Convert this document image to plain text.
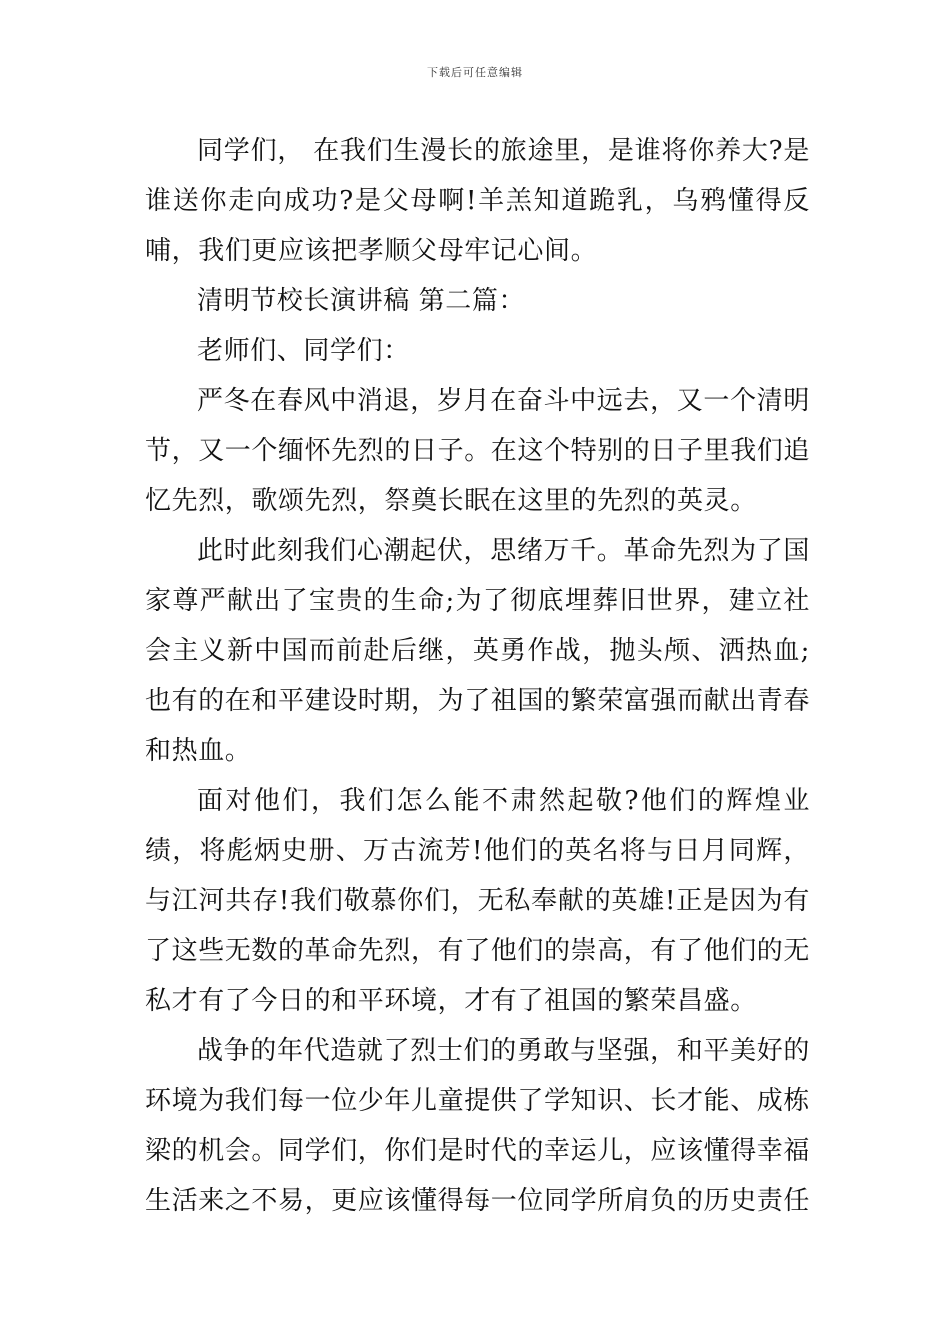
下载后可任意编辑

同学们， 在我们生漫长的旅途里，是谁将你养大?是谁送你走向成功?是父母啊!羊羔知道跪乳，乌鸦懂得反哺，我们更应该把孝顺父母牢记心间。

清明节校长演讲稿 第二篇：

老师们、同学们：

严冬在春风中消退，岁月在奋斗中远去，又一个清明节，又一个缅怀先烈的日子。在这个特别的日子里我们追忆先烈，歌颂先烈，祭奠长眠在这里的先烈的英灵。

此时此刻我们心潮起伏，思绪万千。革命先烈为了国家尊严献出了宝贵的生命;为了彻底埋葬旧世界，建立社会主义新中国而前赴后继，英勇作战，抛头颅、洒热血;也有的在和平建设时期，为了祖国的繁荣富强而献出青春和热血。

面对他们，我们怎么能不肃然起敬?他们的辉煌业绩，将彪炳史册、万古流芳!他们的英名将与日月同辉，与江河共存!我们敬慕你们，无私奉献的英雄!正是因为有了这些无数的革命先烈，有了他们的崇高，有了他们的无私才有了今日的和平环境，才有了祖国的繁荣昌盛。

战争的年代造就了烈士们的勇敢与坚强，和平美好的环境为我们每一位少年儿童提供了学知识、长才能、成栋梁的机会。同学们，你们是时代的幸运儿，应该懂得幸福生活来之不易，更应该懂得每一位同学所肩负的历史责任
